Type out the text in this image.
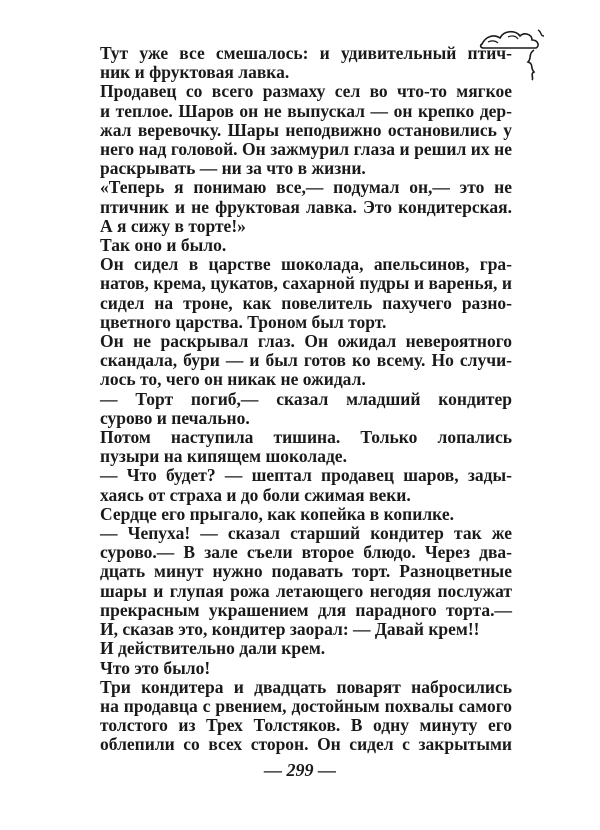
Тут уже все смешалось: и удивительный птич-
ник и фруктовая лавка.
Продавец со всего размаху сел во что-то мягкое
и теплое. Шаров он не выпускал — он крепко дер-
жал веревочку. Шары неподвижно остановились у
него над головой. Он зажмурил глаза и решил их не
раскрывать — ни за что в жизни.
«Теперь я понимаю все,— подумал он,— это не
птичник и не фруктовая лавка. Это кондитерская.
А я сижу в торте!»
Так оно и было.
Он сидел в царстве шоколада, апельсинов, гра-
натов, крема, цукатов, сахарной пудры и варенья, и
сидел на троне, как повелитель пахучего разно-
цветного царства. Троном был торт.
Он не раскрывал глаз. Он ожидал невероятного
скандала, бури — и был готов ко всему. Но случи-
лось то, чего он никак не ожидал.
— Торт погиб,— сказал младший кондитер
сурово и печально.
Потом наступила тишина. Только лопались
пузыри на кипящем шоколаде.
— Что будет? — шептал продавец шаров, зады-
хаясь от страха и до боли сжимая веки.
Сердце его прыгало, как копейка в копилке.
— Чепуха! — сказал старший кондитер так же
сурово.— В зале съели второе блюдо. Через два-
дцать минут нужно подавать торт. Разноцветные
шары и глупая рожа летающего негодяя послужат
прекрасным украшением для парадного торта.—
И, сказав это, кондитер заорал: — Давай крем!!
И действительно дали крем.
Что это было!
Три кондитера и двадцать поварят набросились
на продавца с рвением, достойным похвалы самого
толстого из Трех Толстяков. В одну минуту его
облепили со всех сторон. Он сидел с закрытыми
— 299 —
